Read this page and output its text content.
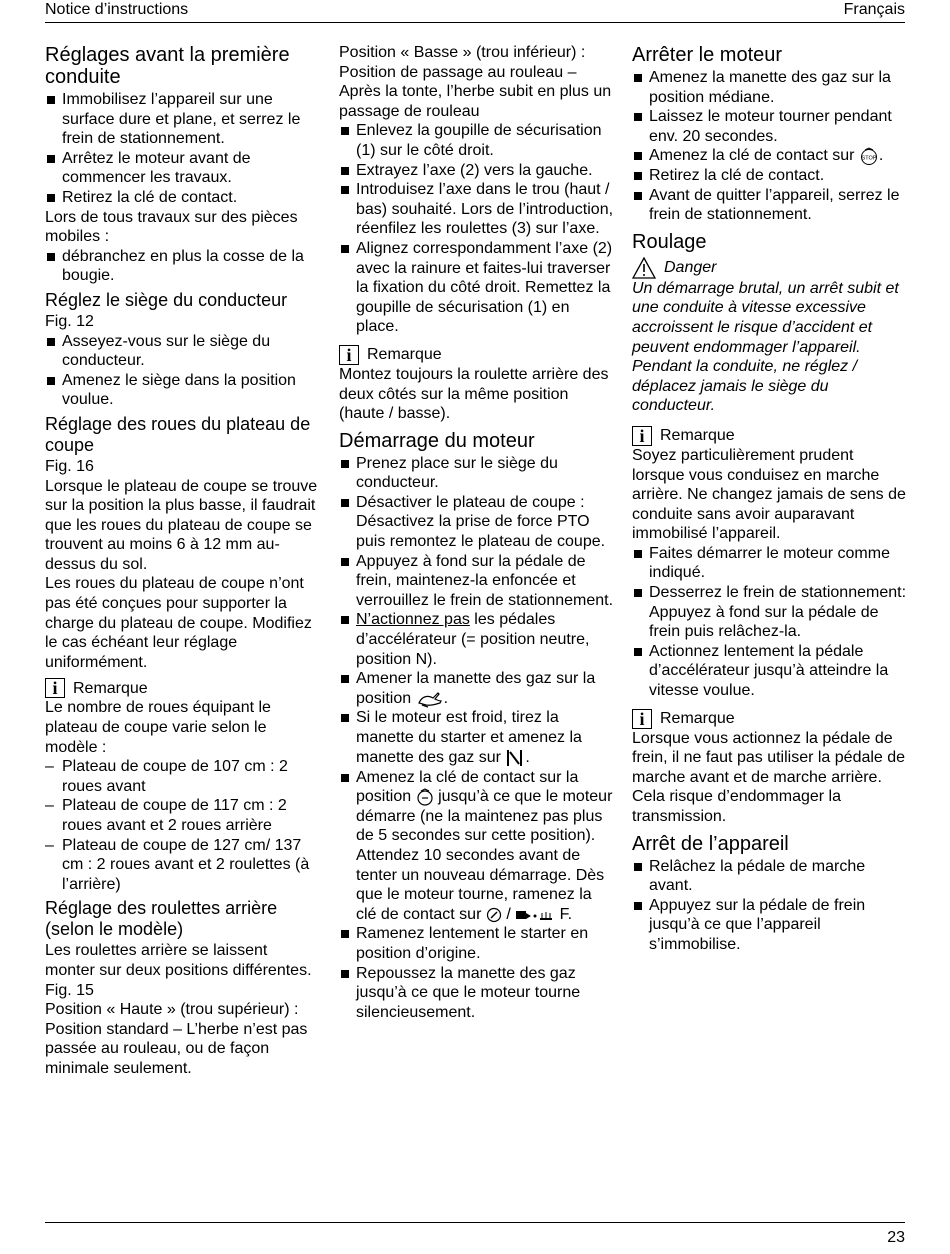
Notice d’instructions	Français
Réglages avant la première conduite
Immobilisez l’appareil sur une surface dure et plane, et serrez le frein de stationnement.
Arrêtez le moteur avant de commencer les travaux.
Retirez la clé de contact.

Lors de tous travaux sur des pièces mobiles :

débranchez en plus la cosse de la bougie.
Réglez le siège du conducteur

Fig. 12

Asseyez-vous sur le siège du conducteur.
Amenez le siège dans la position voulue.
Réglage des roues du plateau de coupe

Fig. 16

Lorsque le plateau de coupe se trouve sur la position la plus basse, il faudrait que les roues du plateau de coupe se trouvent au moins 6 à 12 mm au-dessus du sol.

Les roues du plateau de coupe n’ont pas été conçues pour supporter la charge du plateau de coupe. Modifiez le cas échéant leur réglage uniformément.

i Remarque

Le nombre de roues équipant le plateau de coupe varie selon le modèle :

– Plateau de coupe de 107 cm : 2 roues avant
– Plateau de coupe de 117 cm : 2 roues avant et 2 roues arrière
– Plateau de coupe de 127 cm/ 137 cm : 2 roues avant et 2 roulettes (à l’arrière)
Réglage des roulettes arrière (selon le modèle)

Les roulettes arrière se laissent monter sur deux positions différentes.

Fig. 15

Position « Haute » (trou supérieur) : Position standard – L’herbe n’est pas passée au rouleau, ou de façon minimale seulement.

Position « Basse » (trou inférieur) : Position de passage au rouleau – Après la tonte, l’herbe subit en plus un passage de rouleau

Enlevez la goupille de sécurisation (1) sur le côté droit.
Extrayez l’axe (2) vers la gauche.
Introduisez l’axe dans le trou (haut / bas) souhaité. Lors de l’introduction, réenfilez les roulettes (3) sur l’axe.
Alignez correspondamment l’axe (2) avec la rainure et faites-lui traverser la fixation du côté droit. Remettez la goupille de sécurisation (1) en place.
i Remarque

Montez toujours la roulette arrière des deux côtés sur la même position (haute / basse).

Démarrage du moteur
Prenez place sur le siège du conducteur.
Désactiver le plateau de coupe : Désactivez la prise de force PTO puis remontez le plateau de coupe.
Appuyez à fond sur la pédale de frein, maintenez-la enfoncée et verrouillez le frein de stationnement.
N’actionnez pas les pédales d’accélérateur (= position neutre, position N).
Amener la manette des gaz sur la position .
Si le moteur est froid, tirez la manette du starter et amenez la manette des gaz sur .
Amenez la clé de contact sur la position jusqu’à ce que le moteur démarre (ne la maintenez pas plus de 5 secondes sur cette position). Attendez 10 secondes avant de tenter un nouveau démarrage. Dès que le moteur tourne, ramenez la clé de contact sur /	F.
Ramenez lentement le starter en position d’origine.
Repoussez la manette des gaz jusqu’à ce que le moteur tourne silencieusement.
Arrêter le moteur
Amenez la manette des gaz sur la position médiane.
Laissez le moteur tourner pendant env. 20 secondes.
Amenez la clé de contact sur STOP .
Retirez la clé de contact.
Avant de quitter l’appareil, serrez le frein de stationnement.
Roulage
Danger

Un démarrage brutal, un arrêt subit et une conduite à vitesse excessive accroissent le risque d’accident et peuvent endommager l’appareil. Pendant la conduite, ne réglez / déplacez jamais le siège du conducteur.

i Remarque

Soyez particulièrement prudent lorsque vous conduisez en marche arrière. Ne changez jamais de sens de conduite sans avoir auparavant immobilisé l’appareil.

Faites démarrer le moteur comme indiqué.
Desserrez le frein de stationnement: Appuyez à fond sur la pédale de frein puis relâchez-la.
Actionnez lentement la pédale d’accélérateur jusqu’à atteindre la vitesse voulue.
i Remarque

Lorsque vous actionnez la pédale de frein, il ne faut pas utiliser la pédale de marche avant et de marche arrière. Cela risque d’endommager la transmission.

Arrêt de l’appareil
Relâchez la pédale de marche avant.
Appuyez sur la pédale de frein jusqu’à ce que l’appareil s’immobilise.
23
